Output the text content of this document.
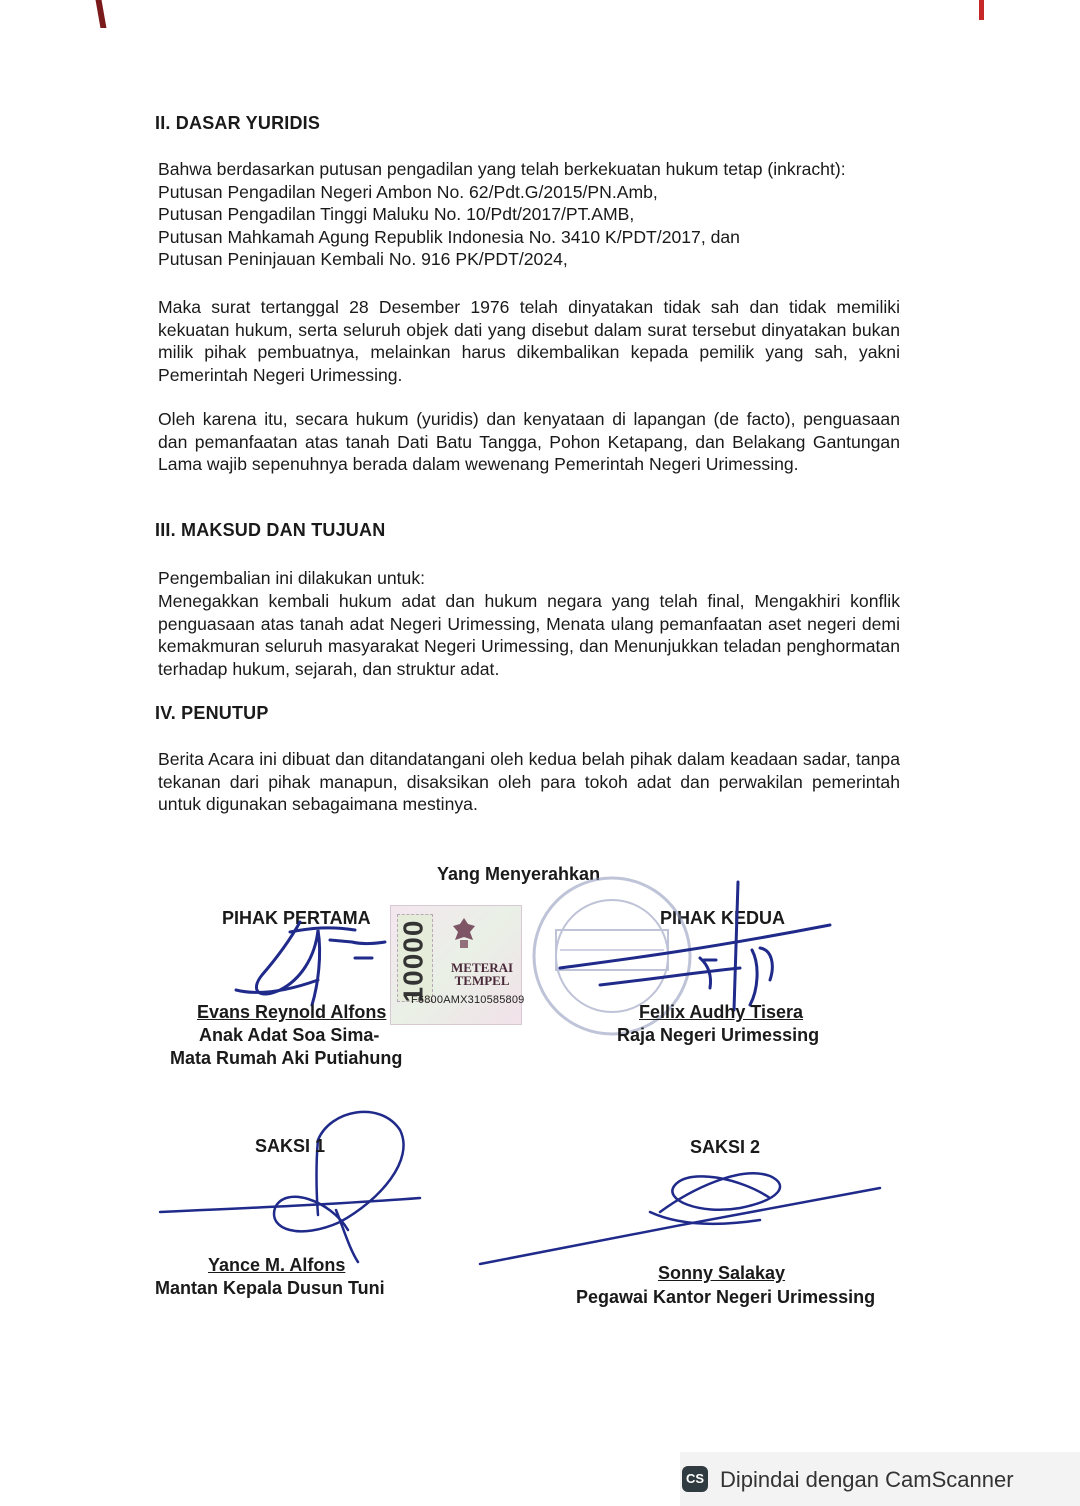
II. DASAR YURIDIS

Bahwa berdasarkan putusan pengadilan yang telah berkekuatan hukum tetap (inkracht):

Putusan Pengadilan Negeri Ambon No. 62/Pdt.G/2015/PN.Amb,

Putusan Pengadilan Tinggi Maluku No. 10/Pdt/2017/PT.AMB,

Putusan Mahkamah Agung Republik Indonesia No. 3410 K/PDT/2017, dan

Putusan Peninjauan Kembali No. 916 PK/PDT/2024,

Maka surat tertanggal 28 Desember 1976 telah dinyatakan tidak sah dan tidak memiliki kekuatan hukum, serta seluruh objek dati yang disebut dalam surat tersebut dinyatakan bukan milik pihak pembuatnya, melainkan harus dikembalikan kepada pemilik yang sah, yakni Pemerintah Negeri Urimessing.
Oleh karena itu, secara hukum (yuridis) dan kenyataan di lapangan (de facto), penguasaan dan pemanfaatan atas tanah Dati Batu Tangga, Pohon Ketapang, dan Belakang Gantungan Lama wajib sepenuhnya berada dalam wewenang Pemerintah Negeri Urimessing.
III. MAKSUD DAN TUJUAN
Pengembalian ini dilakukan untuk:
Menegakkan kembali hukum adat dan hukum negara yang telah final, Mengakhiri konflik penguasaan atas tanah adat Negeri Urimessing, Menata ulang pemanfaatan aset negeri demi kemakmuran seluruh masyarakat Negeri Urimessing, dan Menunjukkan teladan penghormatan terhadap hukum, sejarah, dan struktur adat.
IV. PENUTUP
Berita Acara ini dibuat dan ditandatangani oleh kedua belah pihak dalam keadaan sadar, tanpa tekanan dari pihak manapun, disaksikan oleh para tokoh adat dan perwakilan pemerintah untuk digunakan sebagaimana mestinya.
Yang Menyerahkan
PIHAK PERTAMA	PIHAK KEDUA
10000 METERAI
TEMPEL
F6800AMX310585809
Evans Reynold Alfons
Anak Adat Soa Sima-
Mata Rumah Aki Putiahung
Fellix Audhy Tisera
Raja Negeri Urimessing
SAKSI 1
Yance M. Alfons
Mantan Kepala Dusun Tuni
SAKSI 2
Sonny Salakay
Pegawai Kantor Negeri Urimessing
CS Dipindai dengan CamScanner
